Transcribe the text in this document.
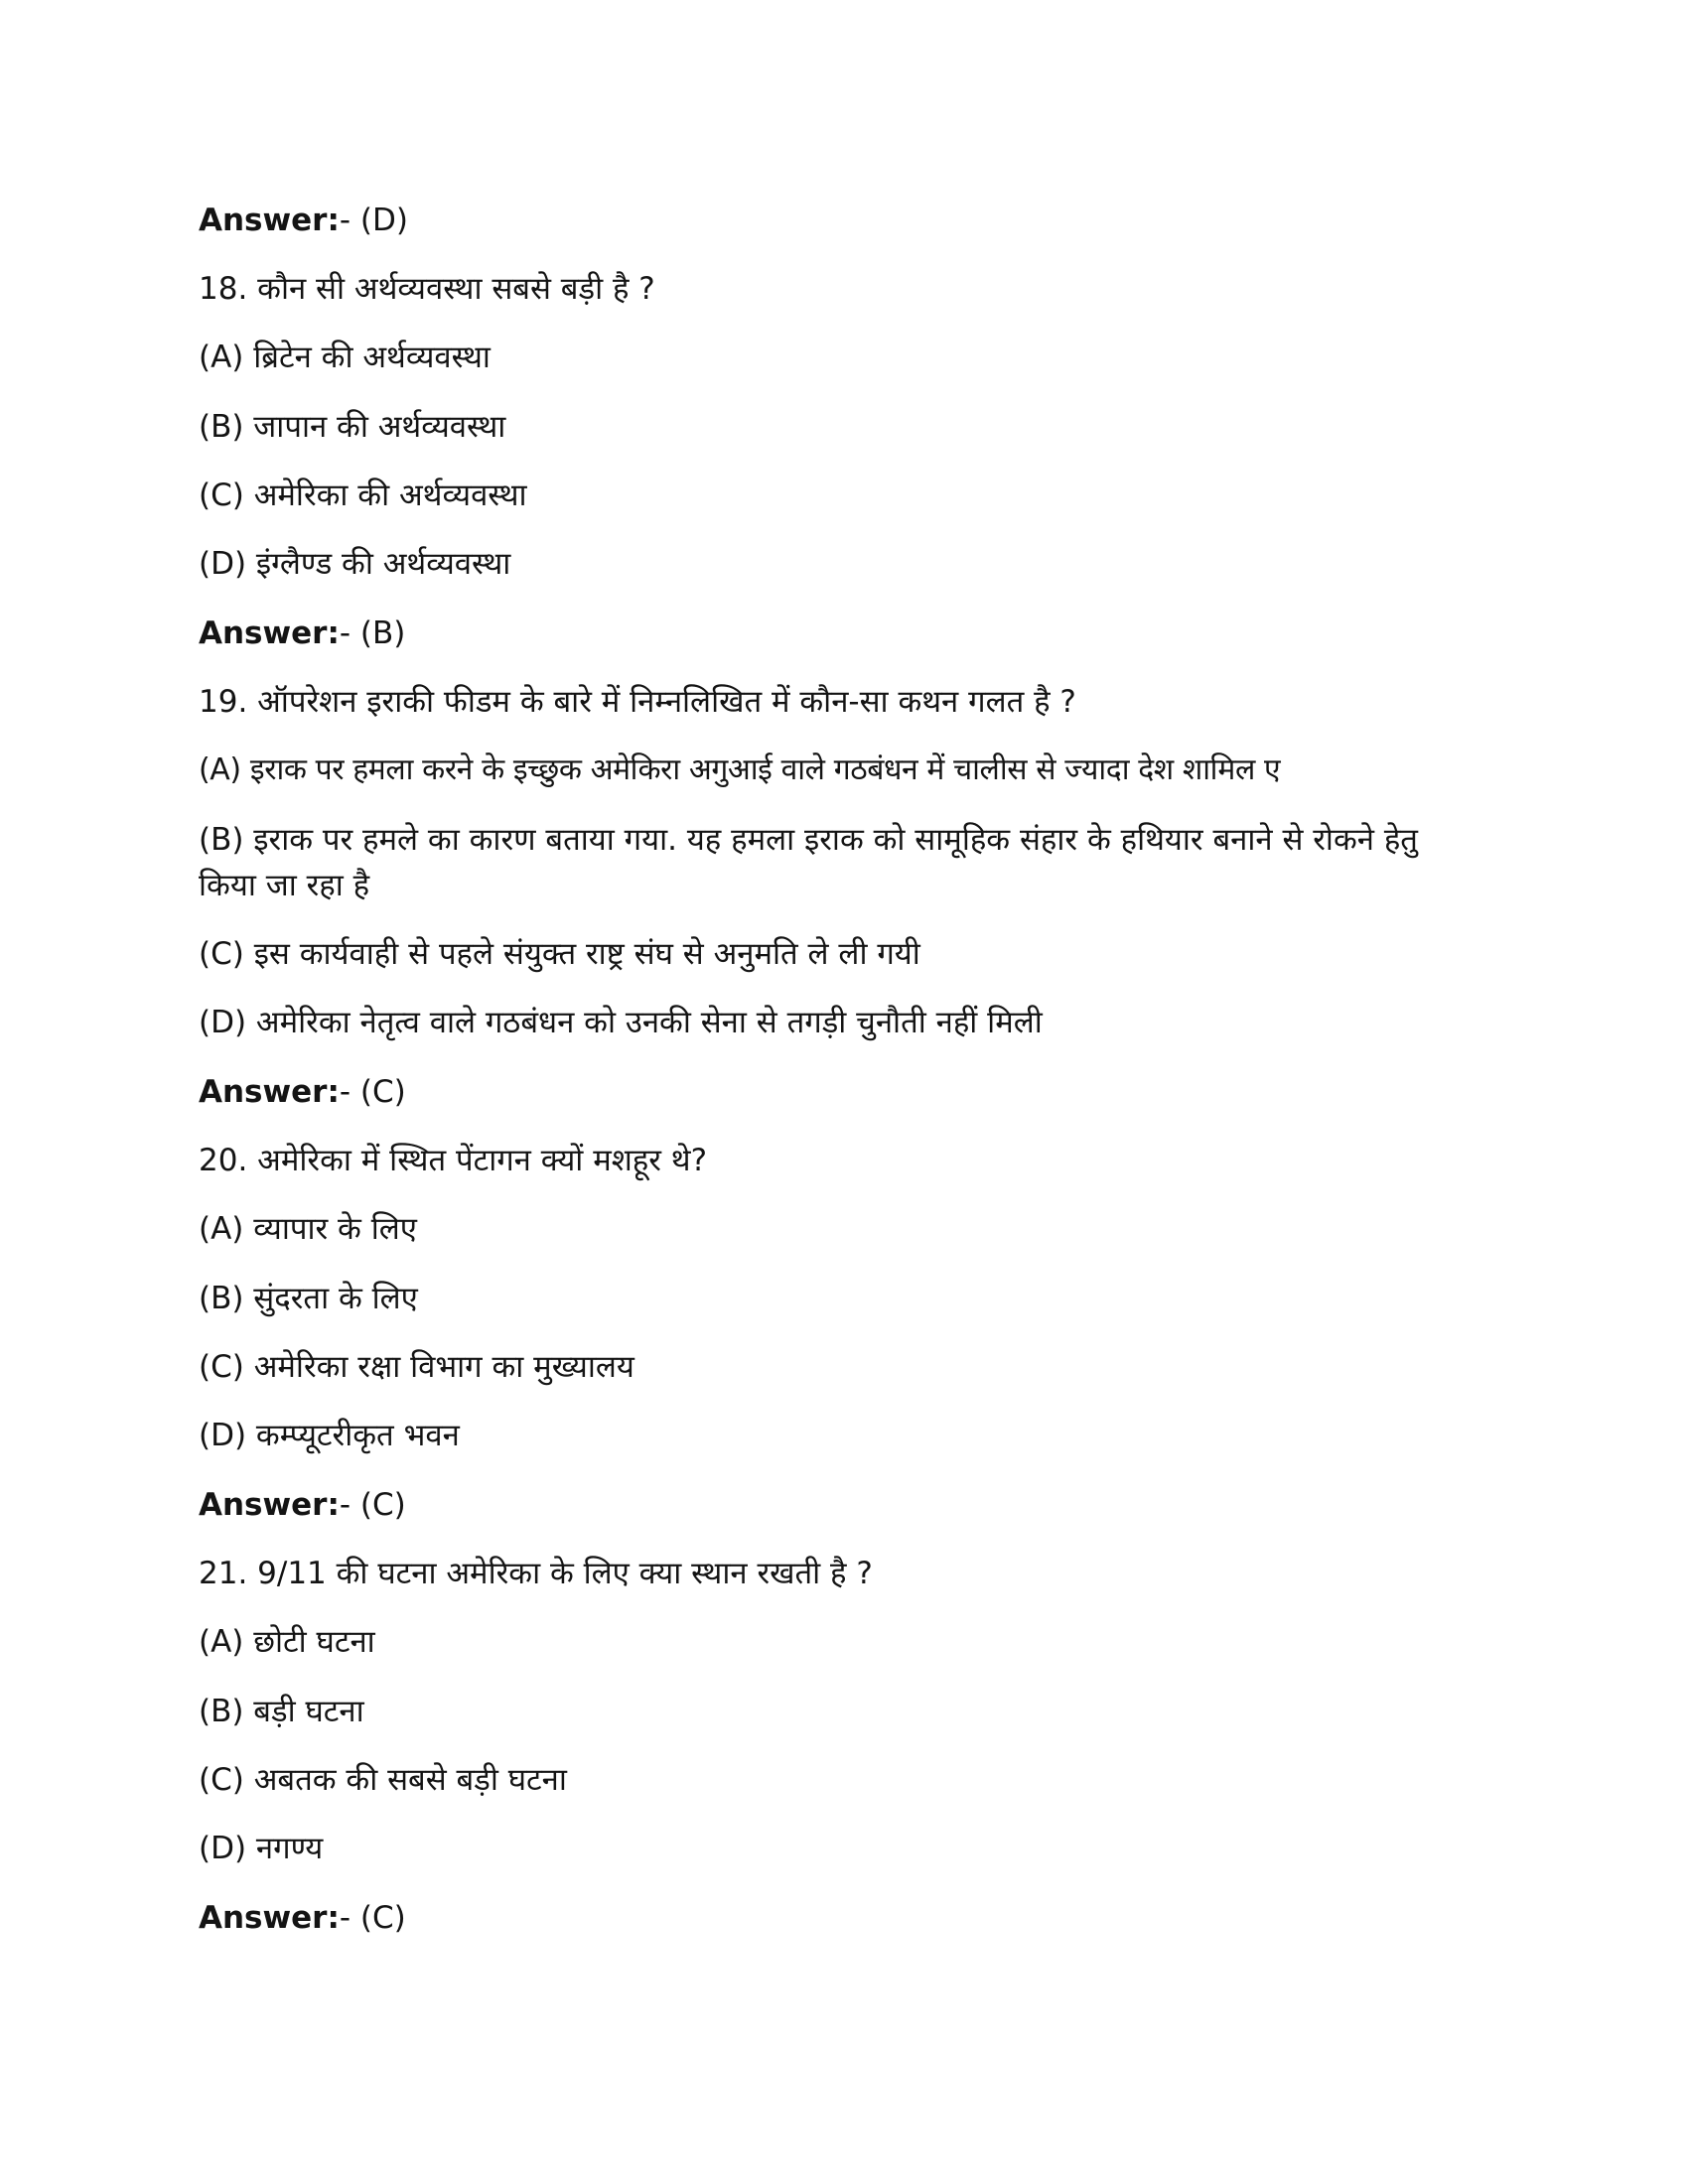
Answer:- (D)
18. कौन सी अर्थव्यवस्था सबसे बड़ी है ?
(A) ब्रिटेन की अर्थव्यवस्था
(B) जापान की अर्थव्यवस्था
(C) अमेरिका की अर्थव्यवस्था
(D) इंग्लैण्ड की अर्थव्यवस्था
Answer:- (B)
19. ऑपरेशन इराकी फीडम के बारे में निम्नलिखित में कौन-सा कथन गलत है ?
(A) इराक पर हमला करने के इच्छुक अमेकिरा अगुआई वाले गठबंधन में चालीस से ज्यादा देश शामिल ए
(B) इराक पर हमले का कारण बताया गया. यह हमला इराक को सामूहिक संहार के हथियार बनाने से रोकने हेतु किया जा रहा है
(C) इस कार्यवाही से पहले संयुक्त राष्ट्र संघ से अनुमति ले ली गयी
(D) अमेरिका नेतृत्व वाले गठबंधन को उनकी सेना से तगड़ी चुनौती नहीं मिली
Answer:- (C)
20. अमेरिका में स्थित पेंटागन क्यों मशहूर थे?
(A) व्यापार के लिए
(B) सुंदरता के लिए
(C) अमेरिका रक्षा विभाग का मुख्यालय
(D) कम्प्यूटरीकृत भवन
Answer:- (C)
21. 9/11 की घटना अमेरिका के लिए क्या स्थान रखती है ?
(A) छोटी घटना
(B) बड़ी घटना
(C) अबतक की सबसे बड़ी घटना
(D) नगण्य
Answer:- (C)
